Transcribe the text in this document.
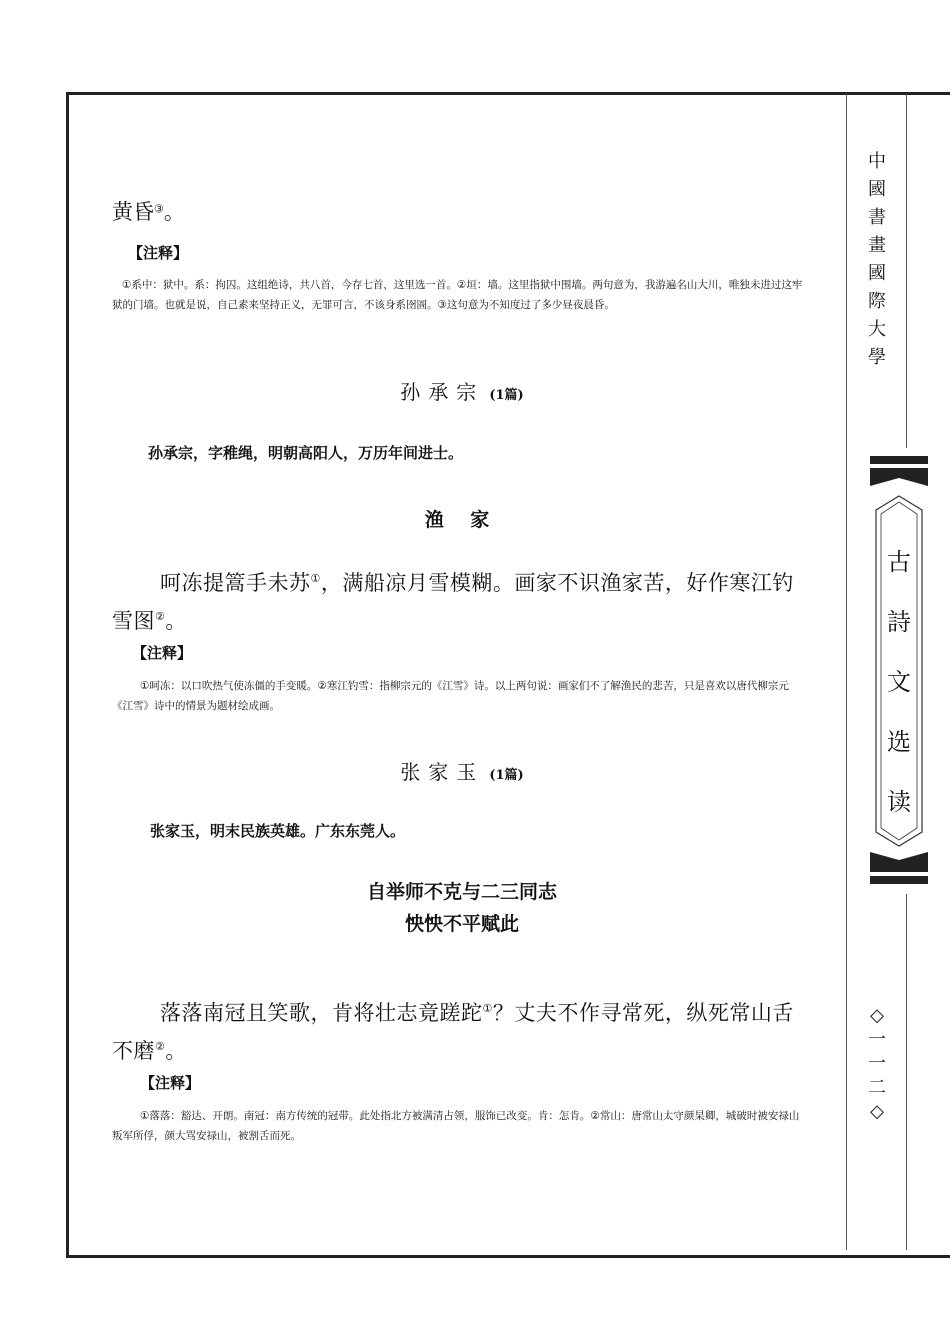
黄昏③。
【注释】
①系中：狱中。系：拘囚。这组绝诗，共八首，今存七首，这里选一首。②垣：墙。这里指狱中围墙。两句意为，我游遍名山大川，唯独未进过这牢狱的门墙。也就是说，自己素来坚持正义，无罪可言，不该身系囹圄。③这句意为不知度过了多少昼夜晨昏。
孙承宗 (1篇)
孙承宗，字稚绳，明朝高阳人，万历年间进士。
渔 家
呵冻提篙手未苏①，满船凉月雪模糊。画家不识渔家苦，好作寒江钓
雪图②。
【注释】
①呵冻：以口吹热气使冻僵的手变暖。②寒江钓雪：指柳宗元的《江雪》诗。以上两句说：画家们不了解渔民的悲苦，只是喜欢以唐代柳宗元《江雪》诗中的情景为题材绘成画。
张家玉 (1篇)
张家玉，明末民族英雄。广东东莞人。
自举师不克与二三同志
怏怏不平赋此
落落南冠且笑歌，肯将壮志竟蹉跎①？丈夫不作寻常死，纵死常山舌
不磨②。
【注释】
①落落：豁达、开朗。南冠：南方传统的冠带。此处指北方被满清占领，服饰已改变。肯：怎肯。②常山：唐常山太守颜杲卿，城破时被安禄山叛军所俘，颜大骂安禄山，被割舌而死。
中
國
書
畫
國
際
大
學
古
詩
文
选
读
◇
一
一
二
◇
